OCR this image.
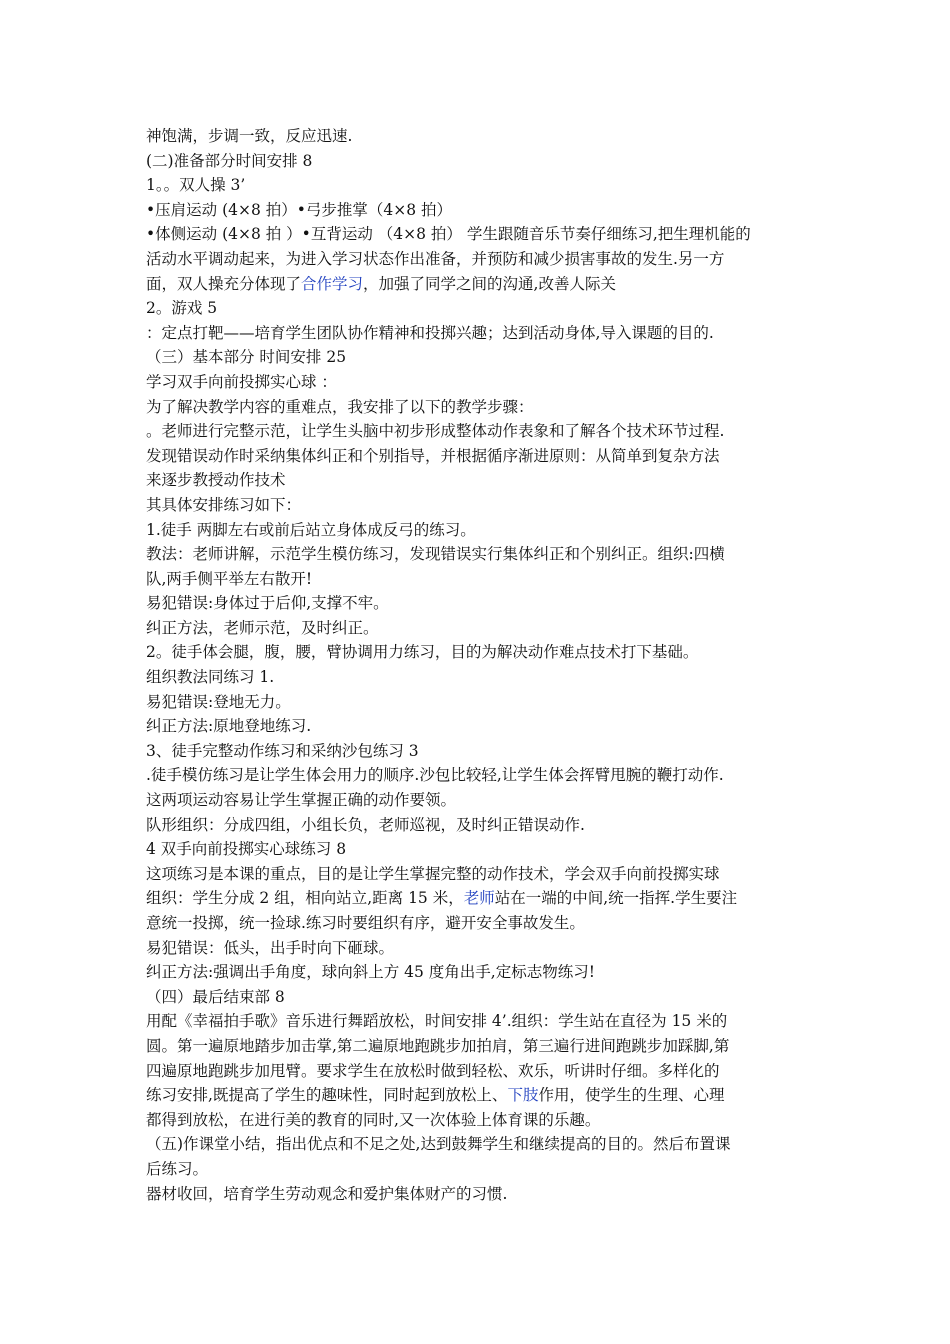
神饱满，步调一致，反应迅速.
(二)准备部分时间安排 8
1。。双人操 3’
•压肩运动 (4×8 拍）•弓步推掌（4×8 拍）
•体侧运动 (4×8 拍 ）•互背运动 （4×8 拍） 学生跟随音乐节奏仔细练习,把生理机能的
活动水平调动起来，为进入学习状态作出准备，并预防和减少损害事故的发生.另一方
面，双人操充分体现了合作学习，加强了同学之间的沟通,改善人际关
2。游戏 5
：定点打靶——培育学生团队协作精神和投掷兴趣；达到活动身体,导入课题的目的.
（三）基本部分 时间安排 25
学习双手向前投掷实心球 ：
为了解决教学内容的重难点，我安排了以下的教学步骤：
。老师进行完整示范，让学生头脑中初步形成整体动作表象和了解各个技术环节过程.
发现错误动作时采纳集体纠正和个别指导，并根据循序渐进原则：从简单到复杂方法
来逐步教授动作技术
其具体安排练习如下：
1.徒手 两脚左右或前后站立身体成反弓的练习。
教法：老师讲解，示范学生模仿练习，发现错误实行集体纠正和个别纠正。组织:四横
队,两手侧平举左右散开!
易犯错误:身体过于后仰,支撑不牢。
纠正方法，老师示范，及时纠正。
2。徒手体会腿，腹，腰，臂协调用力练习，目的为解决动作难点技术打下基础。
组织教法同练习 1.
易犯错误:登地无力。
纠正方法:原地登地练习.
3、徒手完整动作练习和采纳沙包练习 3
.徒手模仿练习是让学生体会用力的顺序.沙包比较轻,让学生体会挥臂甩腕的鞭打动作.
这两项运动容易让学生掌握正确的动作要领。
队形组织：分成四组，小组长负，老师巡视，及时纠正错误动作.
4 双手向前投掷实心球练习 8
这项练习是本课的重点，目的是让学生掌握完整的动作技术，学会双手向前投掷实球
组织：学生分成 2 组，相向站立,距离 15 米，老师站在一端的中间,统一指挥.学生要注
意统一投掷，统一捡球.练习时要组织有序，避开安全事故发生。
易犯错误：低头，出手时向下砸球。
纠正方法:强调出手角度，球向斜上方 45 度角出手,定标志物练习!
（四）最后结束部 8
用配《幸福拍手歌》音乐进行舞蹈放松，时间安排 4’.组织：学生站在直径为 15 米的
圆。第一遍原地踏步加击掌,第二遍原地跑跳步加拍肩，第三遍行进间跑跳步加踩脚,第
四遍原地跑跳步加甩臂。要求学生在放松时做到轻松、欢乐，听讲时仔细。多样化的
练习安排,既提高了学生的趣味性，同时起到放松上、下肢作用，使学生的生理、心理
都得到放松，在进行美的教育的同时,又一次体验上体育课的乐趣。
（五)作课堂小结，指出优点和不足之处,达到鼓舞学生和继续提高的目的。然后布置课
后练习。
器材收回，培育学生劳动观念和爱护集体财产的习惯.
